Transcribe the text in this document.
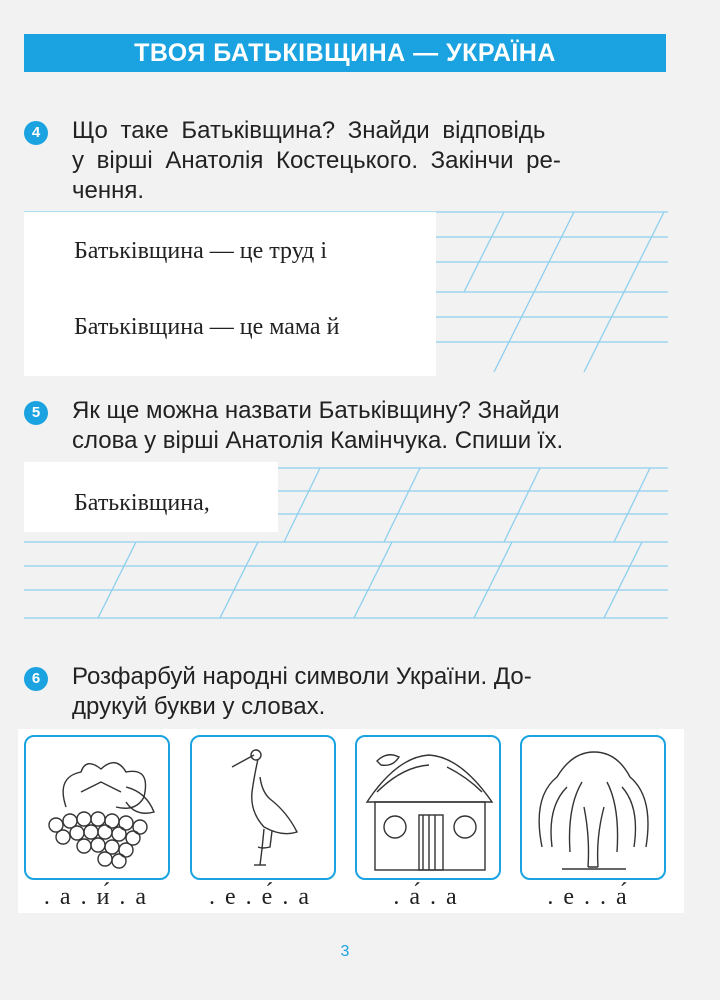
ТВОЯ БАТЬКІВЩИНА — УКРАЇНА
4	Що таке Батьківщина? Знайди відповідь
у вірші Анатолія Костецького. Закінчи ре-
чення.
Батьківщина — це труд і
Батьківщина — це мама й
5	Як ще можна назвати Батьківщину? Знайди
слова у вірші Анатолія Камінчука. Спиши їх.
Батьківщина,
6	Розфарбуй народні символи України. До-
друкуй букви у словах.
. а . и́ . а	. е . е́ . а	. а́ . а	. е . . а́
3
